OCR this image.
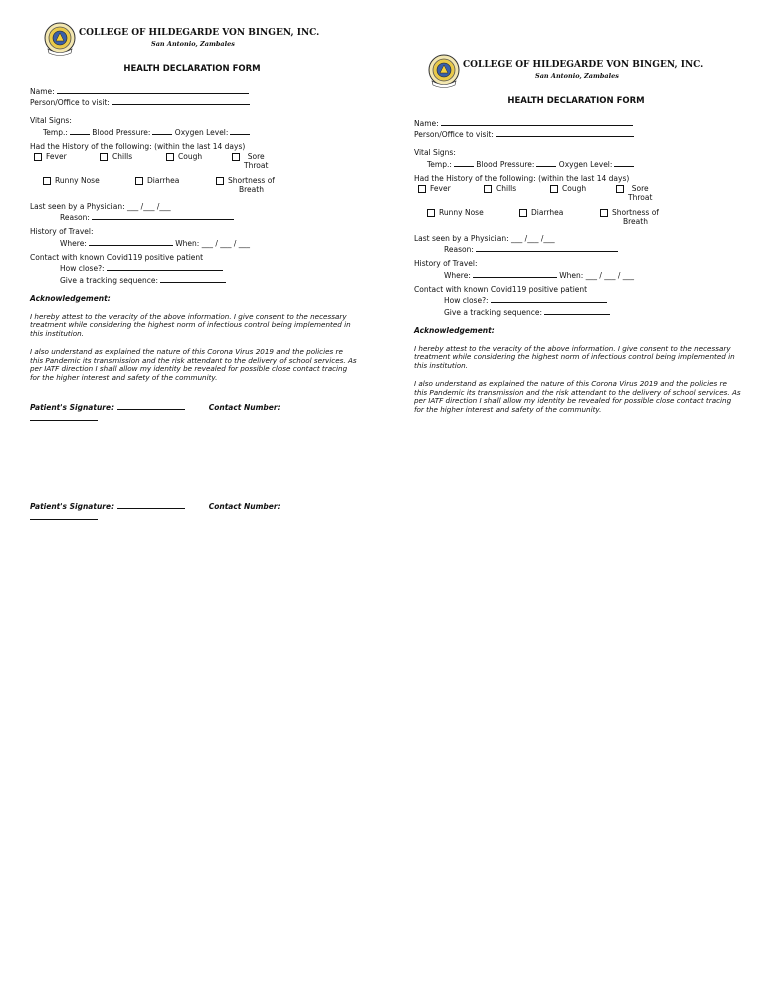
COLLEGE OF HILDEGARDE VON BINGEN, INC.
San Antonio, Zambales
HEALTH DECLARATION FORM
Name:
Person/Office to visit:
Vital Signs:
Temp.:	Blood Pressure:	Oxygen Level:
Had the History of the following: (within the last 14 days)
Fever	Chills	Cough	Sore
Throat
Runny Nose	Diarrhea	Shortness of
Breath
Last seen by a Physician: ___ /___ /___
Reason:
History of Travel:
Where:	When: ___ / ___ / ___
Contact with known Covid119 positive patient
How close?:
Give a tracking sequence:
Acknowledgement:

I hereby attest to the veracity of the above information. I give consent to the necessary treatment while considering the highest norm of infectious control being implemented in this institution.

I also understand as explained the nature of this Corona Virus 2019 and the policies re this Pandemic its transmission and the risk attendant to the delivery of school services. As per IATF direction I shall allow my identity be revealed for possible close contact tracing for the higher interest and safety of the community.

Patient's Signature:	Contact Number:
Patient's Signature:	Contact Number:
COLLEGE OF HILDEGARDE VON BINGEN, INC.
San Antonio, Zambales
HEALTH DECLARATION FORM
Name:
Person/Office to visit:
Vital Signs:
Temp.:	Blood Pressure:	Oxygen Level:
Had the History of the following: (within the last 14 days)
Fever	Chills	Cough	Sore
Throat
Runny Nose	Diarrhea	Shortness of
Breath
Last seen by a Physician: ___ /___ /___
Reason:
History of Travel:
Where:	When: ___ / ___ / ___
Contact with known Covid119 positive patient
How close?:
Give a tracking sequence:
Acknowledgement:

I hereby attest to the veracity of the above information. I give consent to the necessary treatment while considering the highest norm of infectious control being implemented in this institution.

I also understand as explained the nature of this Corona Virus 2019 and the policies re this Pandemic its transmission and the risk attendant to the delivery of school services. As per IATF direction I shall allow my identity be revealed for possible close contact tracing for the higher interest and safety of the community.
